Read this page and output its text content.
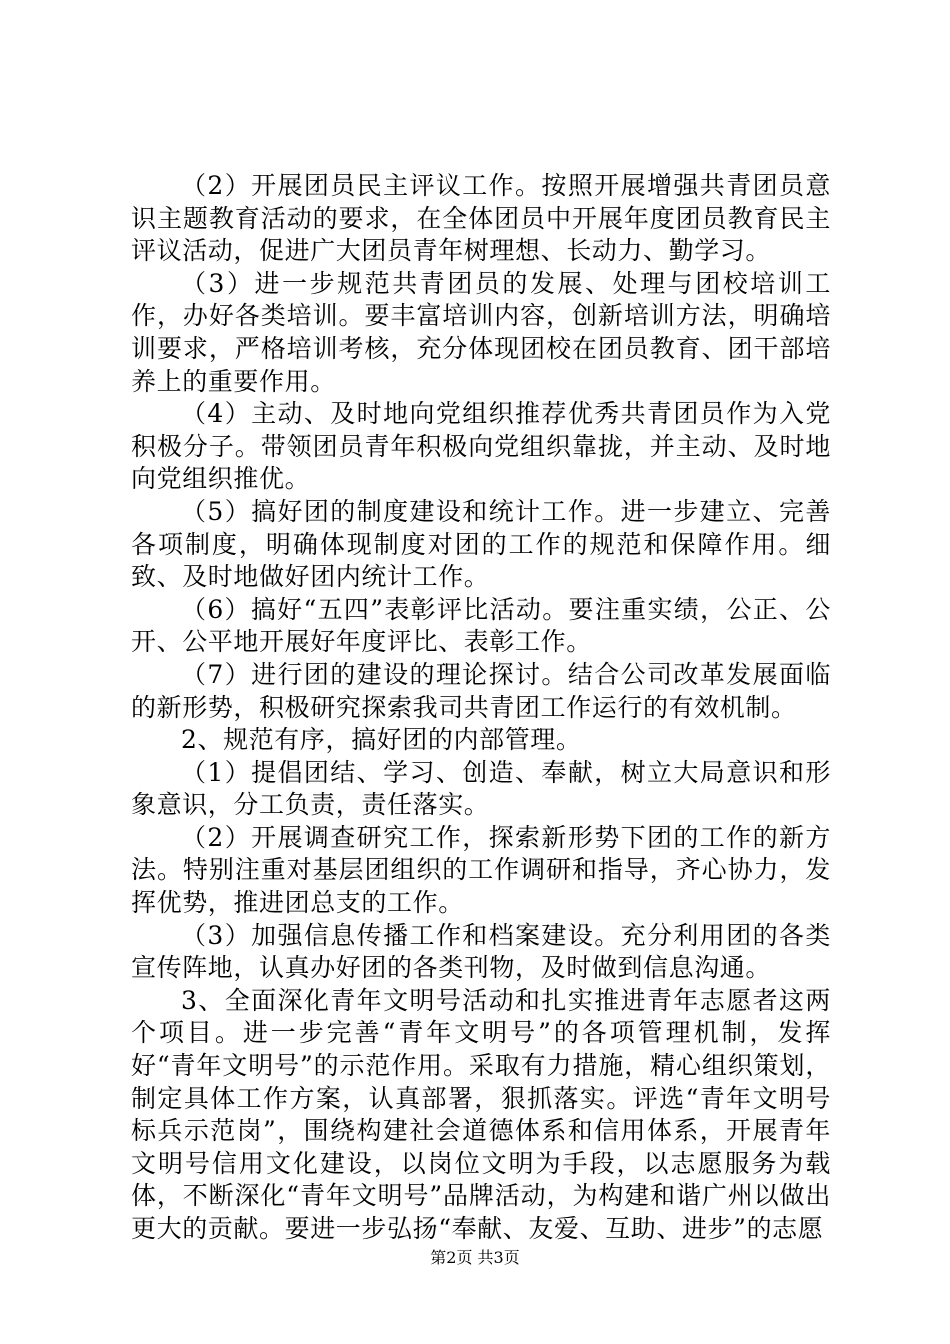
（2）开展团员民主评议工作。按照开展增强共青团员意识主题教育活动的要求，在全体团员中开展年度团员教育民主评议活动，促进广大团员青年树理想、长动力、勤学习。

（3）进一步规范共青团员的发展、处理与团校培训工作，办好各类培训。要丰富培训内容，创新培训方法，明确培训要求，严格培训考核，充分体现团校在团员教育、团干部培养上的重要作用。

（4）主动、及时地向党组织推荐优秀共青团员作为入党积极分子。带领团员青年积极向党组织靠拢，并主动、及时地向党组织推优。

（5）搞好团的制度建设和统计工作。进一步建立、完善各项制度，明确体现制度对团的工作的规范和保障作用。细致、及时地做好团内统计工作。

（6）搞好“五四”表彰评比活动。要注重实绩，公正、公开、公平地开展好年度评比、表彰工作。

（7）进行团的建设的理论探讨。结合公司改革发展面临的新形势，积极研究探索我司共青团工作运行的有效机制。

2、规范有序，搞好团的内部管理。

（1）提倡团结、学习、创造、奉献，树立大局意识和形象意识，分工负责，责任落实。

（2）开展调查研究工作，探索新形势下团的工作的新方法。特别注重对基层团组织的工作调研和指导，齐心协力，发挥优势，推进团总支的工作。

（3）加强信息传播工作和档案建设。充分利用团的各类宣传阵地，认真办好团的各类刊物，及时做到信息沟通。

3、全面深化青年文明号活动和扎实推进青年志愿者这两个项目。进一步完善“青年文明号”的各项管理机制，发挥好“青年文明号”的示范作用。采取有力措施，精心组织策划，制定具体工作方案，认真部署，狠抓落实。评选“青年文明号标兵示范岗”，围绕构建社会道德体系和信用体系，开展青年文明号信用文化建设，以岗位文明为手段，以志愿服务为载体，不断深化“青年文明号”品牌活动，为构建和谐广州以做出更大的贡献。要进一步弘扬“奉献、友爱、互助、进步”的志愿

第2页 共3页
